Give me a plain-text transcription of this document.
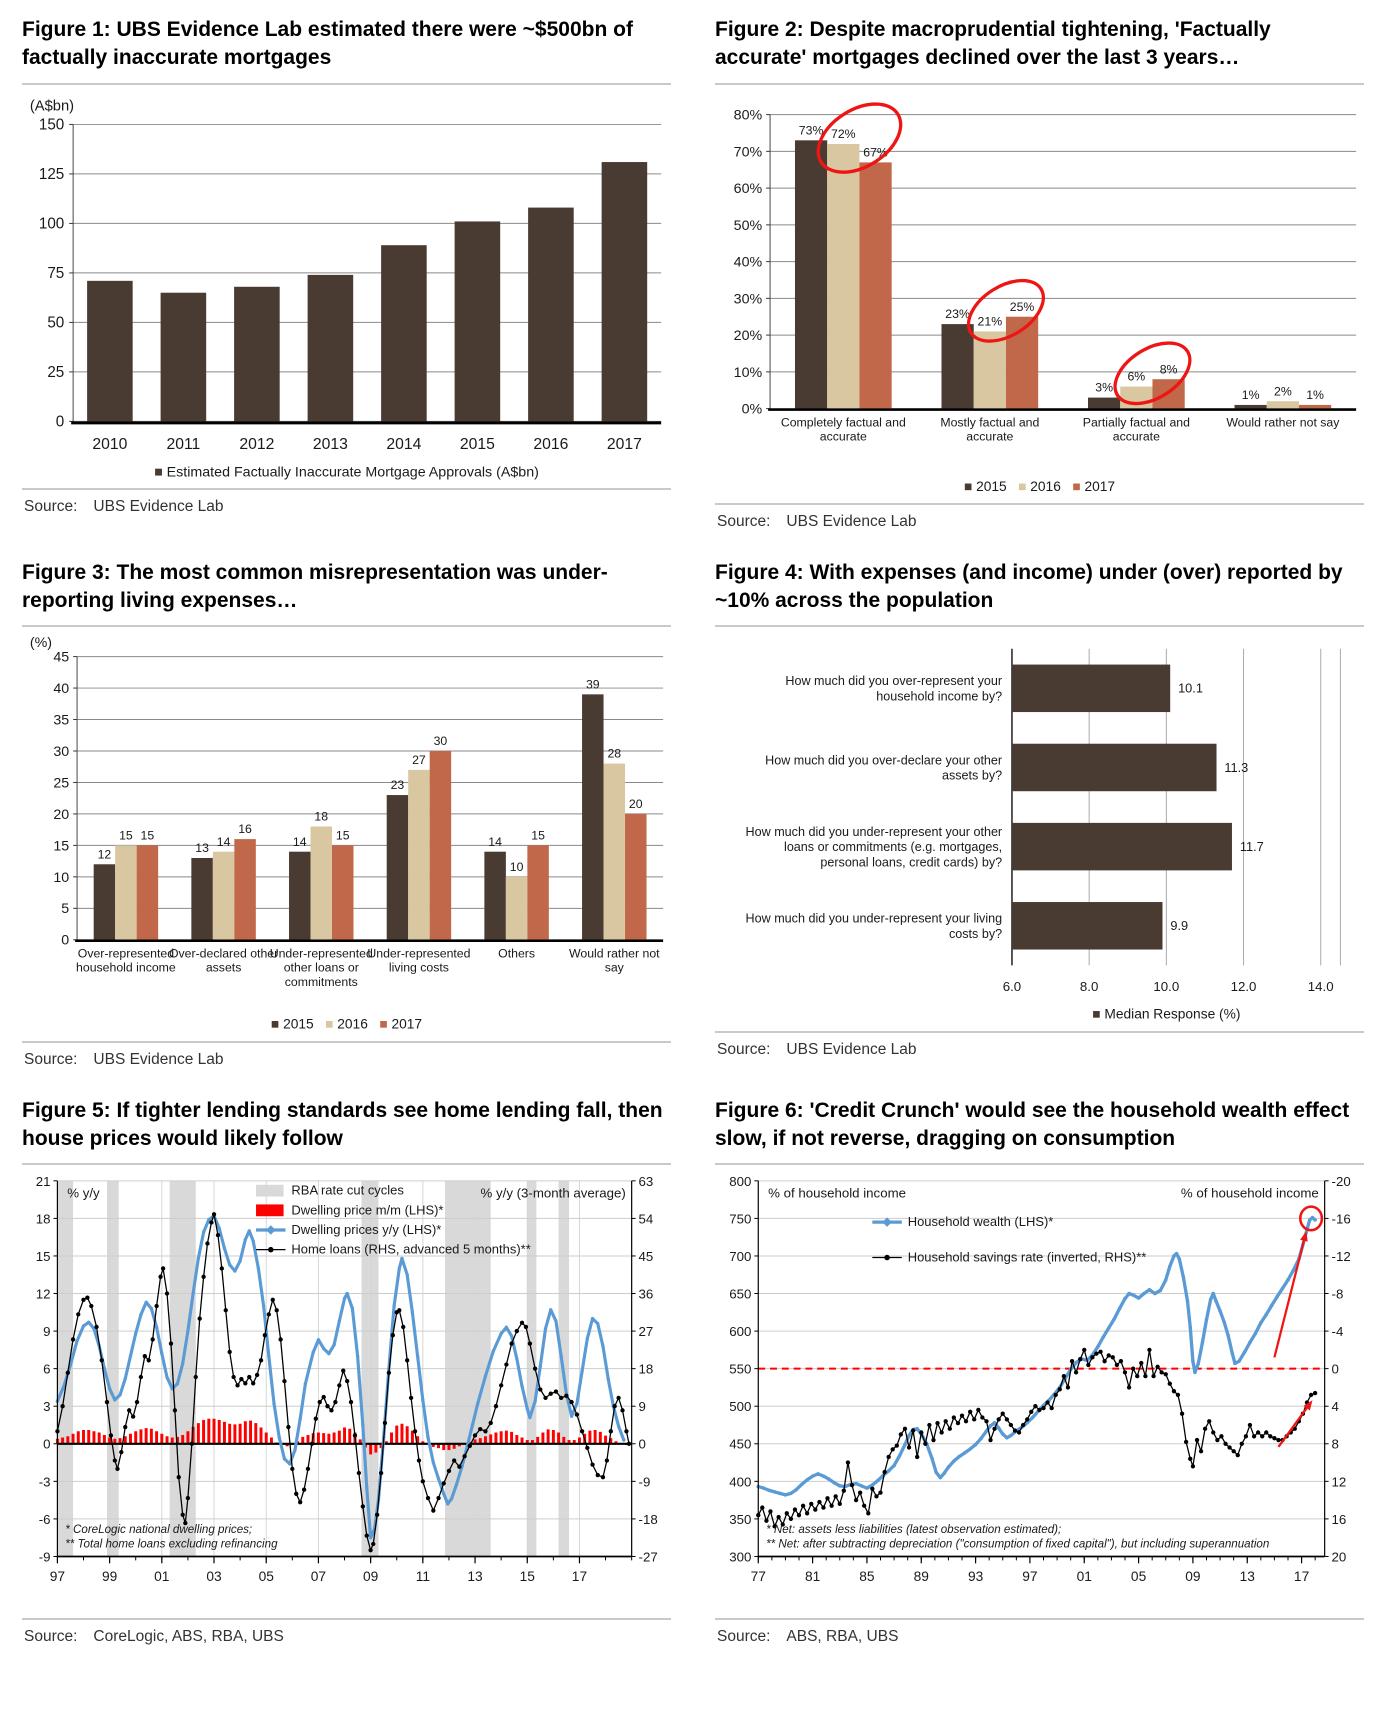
Figure 1: UBS Evidence Lab estimated there were ~$500bn of factually inaccurate mortgages
0
25
50
75
100
125
150
(A$bn)
2010 2011 2012 2013 2014 2015 2016 2017
■ Estimated Factually Inaccurate Mortgage Approvals (A$bn)

Source: UBS Evidence Lab

Figure 2: Despite macroprudential tightening, 'Factually accurate' mortgages declined over the last 3 years…
0%
10%
20%
30%
40%
50%
60%
70%
80%
73%
23%
3%
1%
72%
21%
6%
2%
67%
25%
8%
1%
Completely factual and
accurate
Mostly factual and
accurate
Partially factual and
accurate
Would rather not say
■ 2015   ■ 2016   ■ 2017

Source: UBS Evidence Lab

Figure 3: The most common misrepresentation was under-reporting living expenses…
0
5
10
15
20
25
30
35
40
45
(%)
12	13	14
23
14
39
15	14
18
27
10
28
15	16	15
30
15
20
Over-represented
household income
Over-declared other
assets
Under-represented
other loans or
commitments
Under-represented
living costs
Others	Would rather not
say
■ 2015   ■ 2016   ■ 2017

Source: UBS Evidence Lab

Figure 4: With expenses (and income) under (over) reported by ~10% across the population
10.1
How much did you over-represent your
household income by?
11.3
How much did you over-declare your other
assets by?
11.7
How much did you under-represent your other
loans or commitments (e.g. mortgages,
personal loans, credit cards) by?
9.9
How much did you under-represent your living
costs by?
6.0	8.0	10.0	12.0	14.0
■ Median Response (%)

Source: UBS Evidence Lab

Figure 5: If tighter lending standards see home lending fall, then house prices would likely follow
21	63
18	54
15	45
12	36
9	27
6	18
3	9
0	0
-3	-9
-6	-18
-9	-27
97	99	01	03	05	07	09	11	13	15	17
% y/y	% y/y (3-month average)
RBA rate cut cycles
Dwelling price m/m (LHS)*
Dwelling prices y/y (LHS)*
Home loans (RHS, advanced 5 months)**
* CoreLogic national dwelling prices;
** Total home loans excluding refinancing

Source: CoreLogic, ABS, RBA, UBS

Figure 6: 'Credit Crunch' would see the household wealth effect slow, if not reverse, dragging on consumption
800	-20
750	-16
700	-12
650	-8
600	-4
550	0
500	4
450	8
400	12
350	16
300	20
77	81	85	89	93	97	01	05	09	13	17
% of household income	% of household income
Household wealth (LHS)*
Household savings rate (inverted, RHS)**
* Net: assets less liabilities (latest observation estimated);
** Net: after subtracting depreciation ("consumption of fixed capital"), but including superannuation

Source: ABS, RBA, UBS
